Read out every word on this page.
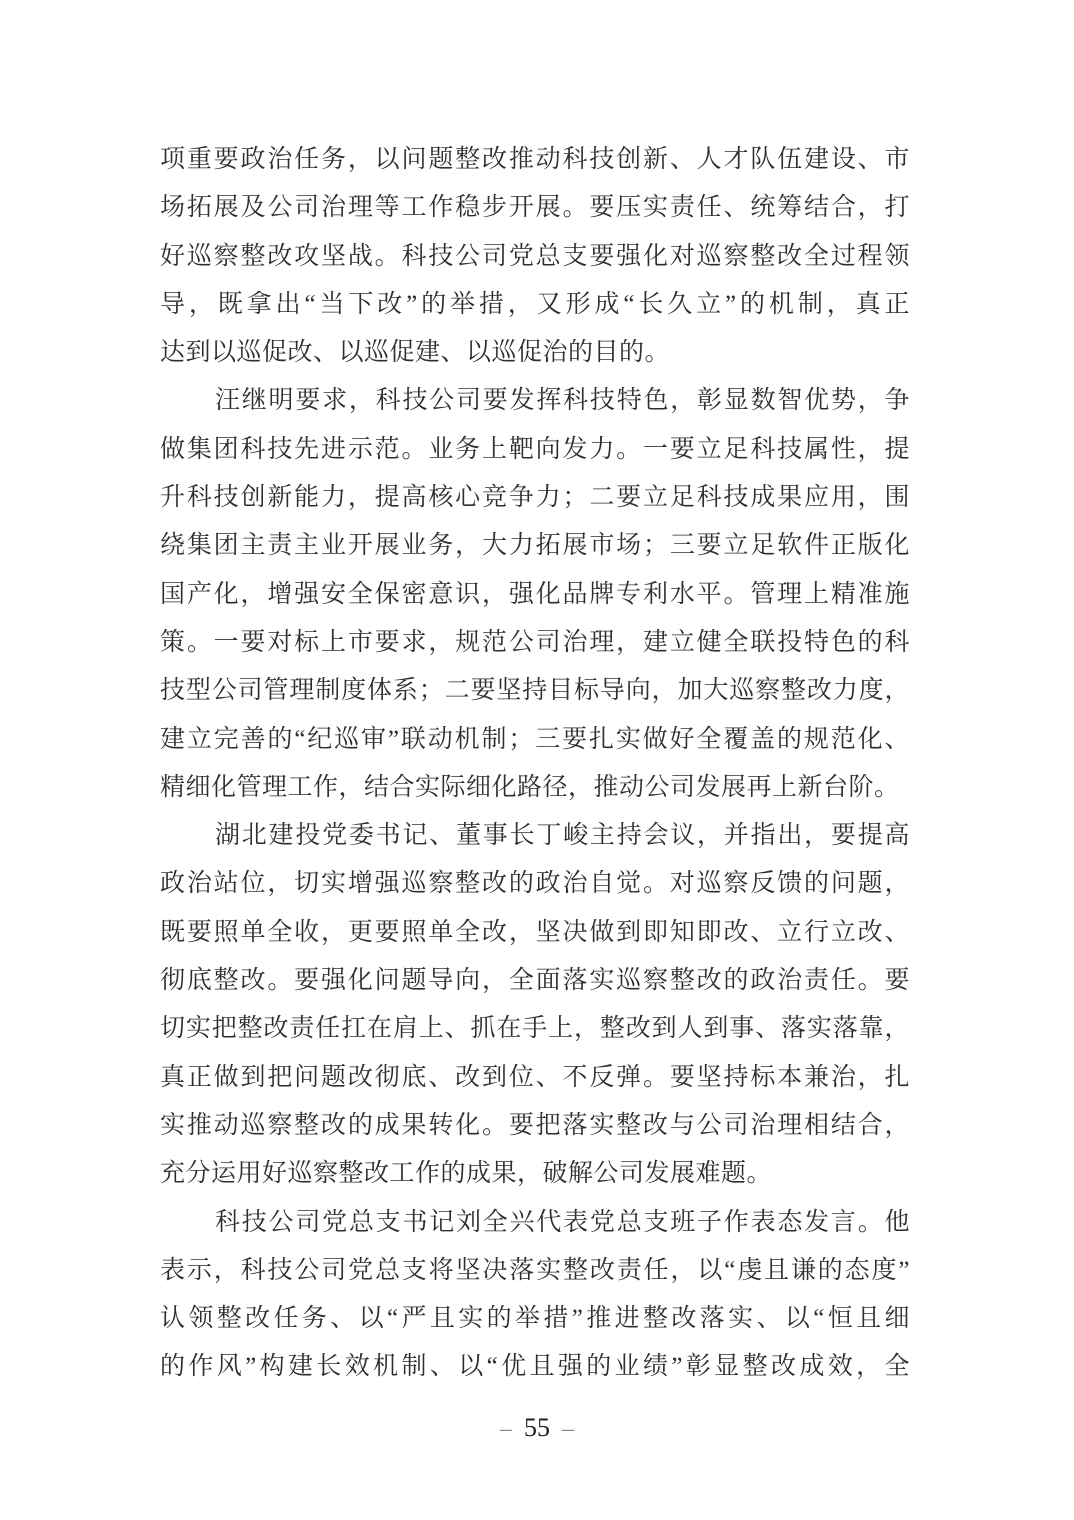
项重要政治任务，以问题整改推动科技创新、人才队伍建设、市
场拓展及公司治理等工作稳步开展。要压实责任、统筹结合，打
好巡察整改攻坚战。科技公司党总支要强化对巡察整改全过程领
导，既拿出“当下改”的举措，又形成“长久立”的机制，真正
达到以巡促改、以巡促建、以巡促治的目的。
汪继明要求，科技公司要发挥科技特色，彰显数智优势，争
做集团科技先进示范。业务上靶向发力。一要立足科技属性，提
升科技创新能力，提高核心竞争力；二要立足科技成果应用，围
绕集团主责主业开展业务，大力拓展市场；三要立足软件正版化
国产化，增强安全保密意识，强化品牌专利水平。管理上精准施
策。一要对标上市要求，规范公司治理，建立健全联投特色的科
技型公司管理制度体系；二要坚持目标导向，加大巡察整改力度，
建立完善的“纪巡审”联动机制；三要扎实做好全覆盖的规范化、
精细化管理工作，结合实际细化路径，推动公司发展再上新台阶。
湖北建投党委书记、董事长丁峻主持会议，并指出，要提高
政治站位，切实增强巡察整改的政治自觉。对巡察反馈的问题，
既要照单全收，更要照单全改，坚决做到即知即改、立行立改、
彻底整改。要强化问题导向，全面落实巡察整改的政治责任。要
切实把整改责任扛在肩上、抓在手上，整改到人到事、落实落靠，
真正做到把问题改彻底、改到位、不反弹。要坚持标本兼治，扎
实推动巡察整改的成果转化。要把落实整改与公司治理相结合，
充分运用好巡察整改工作的成果，破解公司发展难题。
科技公司党总支书记刘全兴代表党总支班子作表态发言。他
表示，科技公司党总支将坚决落实整改责任，以“虔且谦的态度”
认领整改任务、以“严且实的举措”推进整改落实、以“恒且细
的作风”构建长效机制、以“优且强的业绩”彰显整改成效，全
– 55 –
